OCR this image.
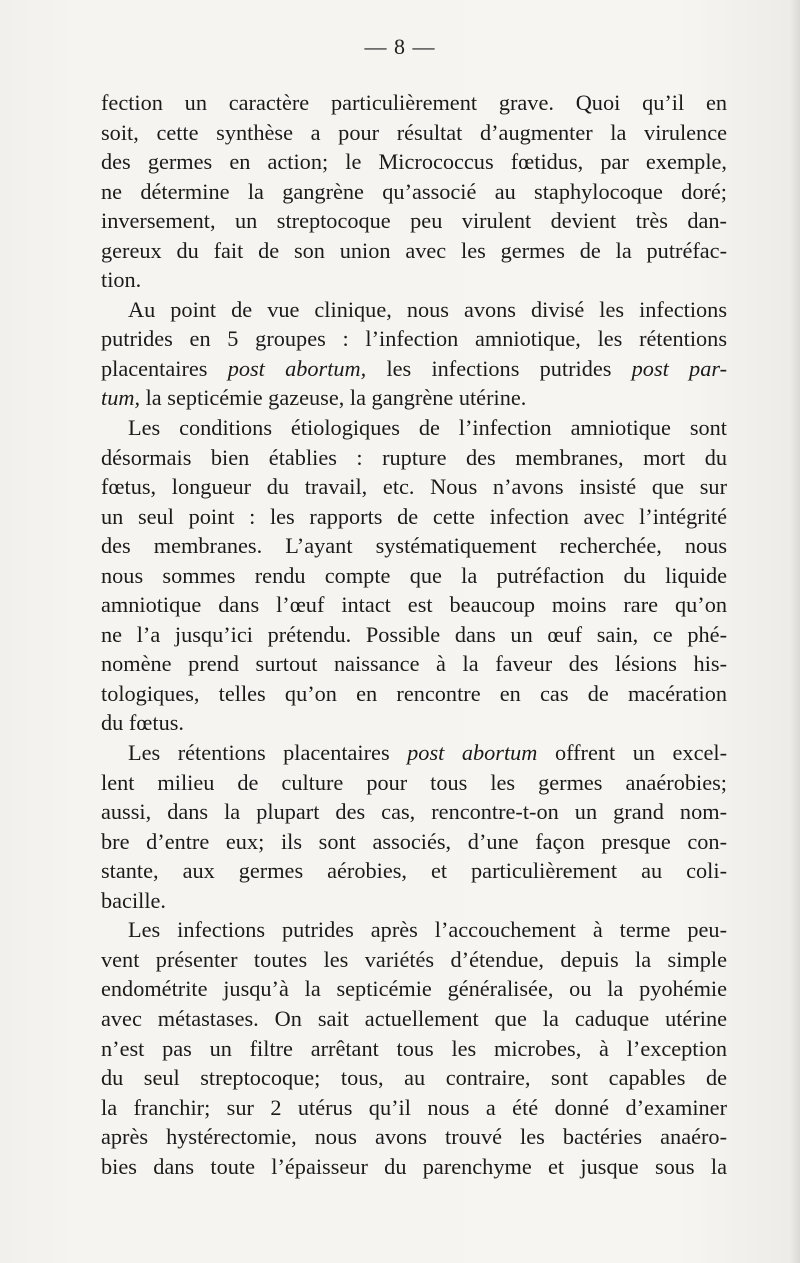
— 8 —
fection un caractère particulièrement grave. Quoi qu’il en
soit, cette synthèse a pour résultat d’augmenter la virulence
des germes en action; le Micrococcus fœtidus, par exemple,
ne détermine la gangrène qu’associé au staphylocoque doré;
inversement, un streptocoque peu virulent devient très dan-
gereux du fait de son union avec les germes de la putréfac-
tion.
Au point de vue clinique, nous avons divisé les infections
putrides en 5 groupes : l’infection amniotique, les rétentions
placentaires post abortum, les infections putrides post par-
tum, la septicémie gazeuse, la gangrène utérine.
Les conditions étiologiques de l’infection amniotique sont
désormais bien établies : rupture des membranes, mort du
fœtus, longueur du travail, etc. Nous n’avons insisté que sur
un seul point : les rapports de cette infection avec l’intégrité
des membranes. L’ayant systématiquement recherchée, nous
nous sommes rendu compte que la putréfaction du liquide
amniotique dans l’œuf intact est beaucoup moins rare qu’on
ne l’a jusqu’ici prétendu. Possible dans un œuf sain, ce phé-
nomène prend surtout naissance à la faveur des lésions his-
tologiques, telles qu’on en rencontre en cas de macération
du fœtus.
Les rétentions placentaires post abortum offrent un excel-
lent milieu de culture pour tous les germes anaérobies;
aussi, dans la plupart des cas, rencontre-t-on un grand nom-
bre d’entre eux; ils sont associés, d’une façon presque con-
stante, aux germes aérobies, et particulièrement au coli-
bacille.
Les infections putrides après l’accouchement à terme peu-
vent présenter toutes les variétés d’étendue, depuis la simple
endométrite jusqu’à la septicémie généralisée, ou la pyohémie
avec métastases. On sait actuellement que la caduque utérine
n’est pas un filtre arrêtant tous les microbes, à l’exception
du seul streptocoque; tous, au contraire, sont capables de
la franchir; sur 2 utérus qu’il nous a été donné d’examiner
après hystérectomie, nous avons trouvé les bactéries anaéro-
bies dans toute l’épaisseur du parenchyme et jusque sous la
